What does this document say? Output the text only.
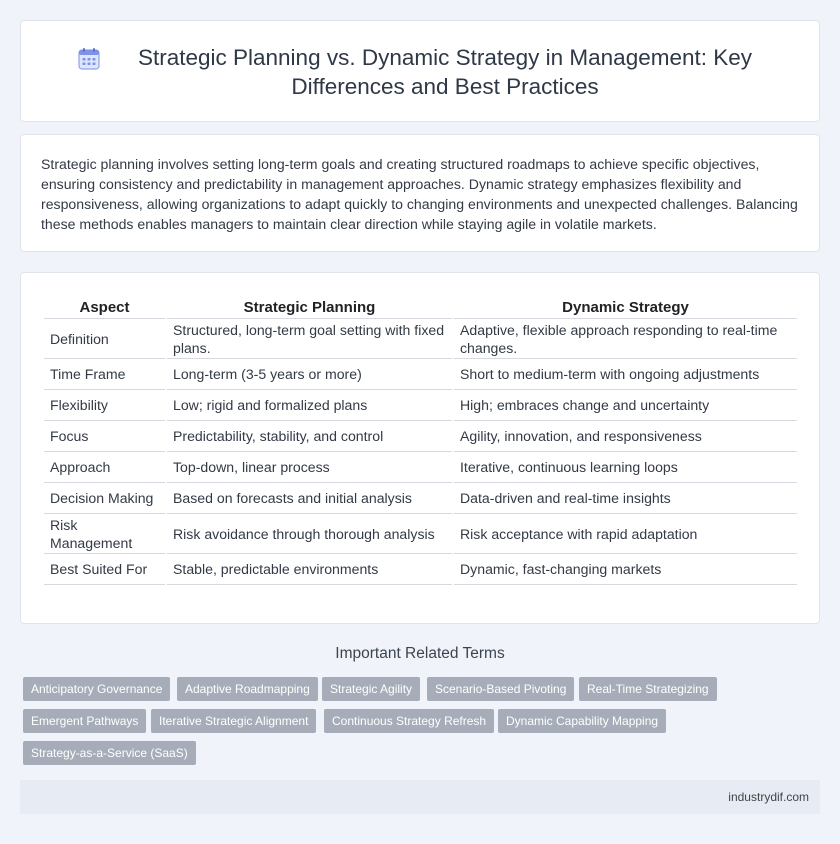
Strategic Planning vs. Dynamic Strategy in Management: Key Differences and Best Practices

Strategic planning involves setting long-term goals and creating structured roadmaps to achieve specific objectives, ensuring consistency and predictability in management approaches. Dynamic strategy emphasizes flexibility and responsiveness, allowing organizations to adapt quickly to changing environments and unexpected challenges. Balancing these methods enables managers to maintain clear direction while staying agile in volatile markets.

Aspect	Strategic Planning	Dynamic Strategy
Definition	Structured, long-term goal setting with fixed plans.	Adaptive, flexible approach responding to real-time changes.
Time Frame	Long-term (3-5 years or more)	Short to medium-term with ongoing adjustments
Flexibility	Low; rigid and formalized plans	High; embraces change and uncertainty
Focus	Predictability, stability, and control	Agility, innovation, and responsiveness
Approach	Top-down, linear process	Iterative, continuous learning loops
Decision Making	Based on forecasts and initial analysis	Data-driven and real-time insights
Risk Management	Risk avoidance through thorough analysis	Risk acceptance with rapid adaptation
Best Suited For	Stable, predictable environments	Dynamic, fast-changing markets
Important Related Terms
Anticipatory Governance	Adaptive Roadmapping	Strategic Agility	Scenario-Based Pivoting	Real-Time Strategizing
Emergent Pathways	Iterative Strategic Alignment	Continuous Strategy Refresh	Dynamic Capability Mapping
Strategy-as-a-Service (SaaS)
industrydif.com
